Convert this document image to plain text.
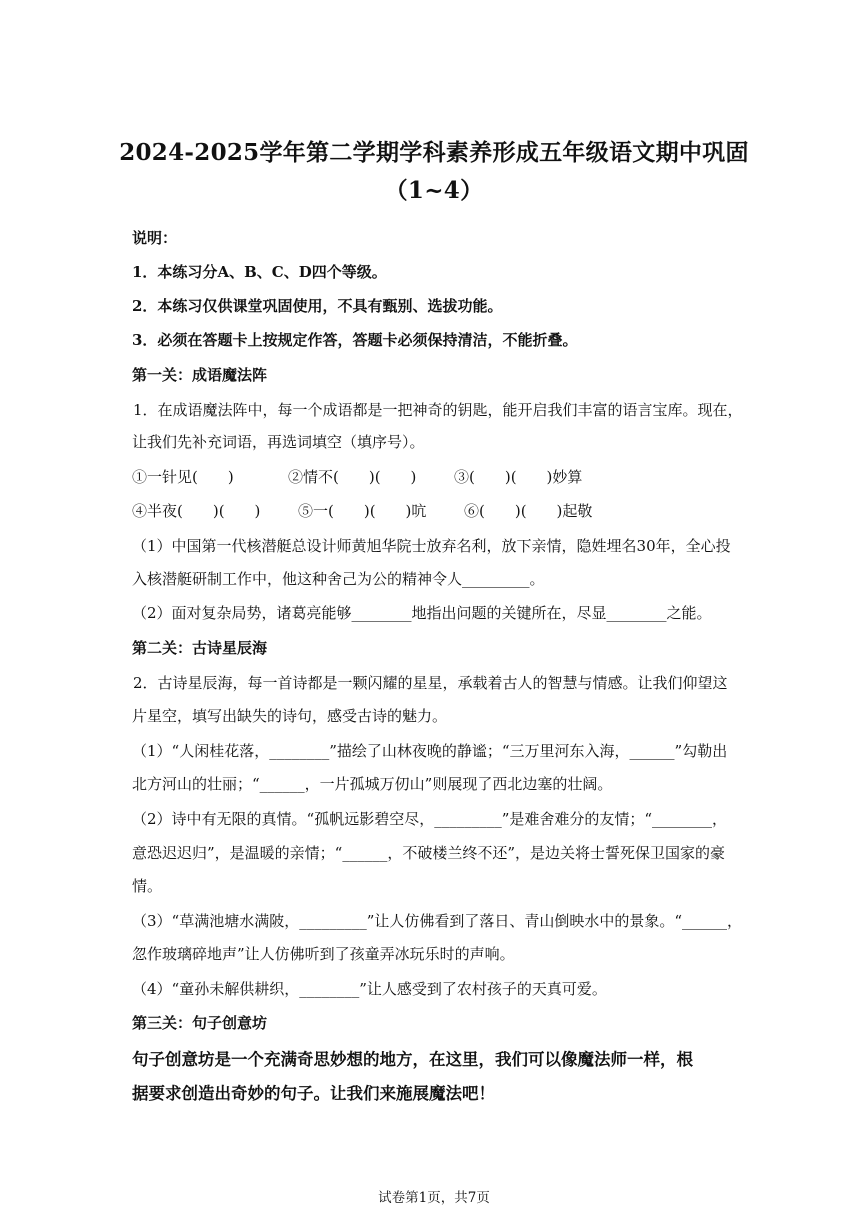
2024-2025学年第二学期学科素养形成五年级语文期中巩固
（1~4）
说明：
1．本练习分A、B、C、D四个等级。
2．本练习仅供课堂巩固使用，不具有甄别、选拔功能。
3．必须在答题卡上按规定作答，答题卡必须保持清洁，不能折叠。
第一关：成语魔法阵
1．在成语魔法阵中，每一个成语都是一把神奇的钥匙，能开启我们丰富的语言宝库。现在，
让我们先补充词语，再选词填空（填序号）。
①一针见(　　)	②情不(　　)(　　)	③(　　)(　　)妙算
④半夜(　　)(　　)	⑤一(　　)(　　)吭	⑥(　　)(　　)起敬
（1）中国第一代核潜艇总设计师黄旭华院士放弃名利，放下亲情，隐姓埋名30年，全心投
入核潜艇研制工作中，他这种舍己为公的精神令人_________。
（2）面对复杂局势，诸葛亮能够________地指出问题的关键所在，尽显________之能。
第二关：古诗星辰海
2．古诗星辰海，每一首诗都是一颗闪耀的星星，承载着古人的智慧与情感。让我们仰望这
片星空，填写出缺失的诗句，感受古诗的魅力。
（1）“人闲桂花落，________”描绘了山林夜晚的静谧；“三万里河东入海，______”勾勒出
北方河山的壮丽；“______，一片孤城万仞山”则展现了西北边塞的壮阔。
（2）诗中有无限的真情。“孤帆远影碧空尽，_________”是难舍难分的友情；“________，
意恐迟迟归”，是温暖的亲情；“______，不破楼兰终不还”，是边关将士誓死保卫国家的豪
情。
（3）“草满池塘水满陂，_________”让人仿佛看到了落日、青山倒映水中的景象。“______，
忽作玻璃碎地声”让人仿佛听到了孩童弄冰玩乐时的声响。
（4）“童孙未解供耕织，________”让人感受到了农村孩子的天真可爱。
第三关：句子创意坊
句子创意坊是一个充满奇思妙想的地方，在这里，我们可以像魔法师一样，根
据要求创造出奇妙的句子。让我们来施展魔法吧！
试卷第1页，共7页
